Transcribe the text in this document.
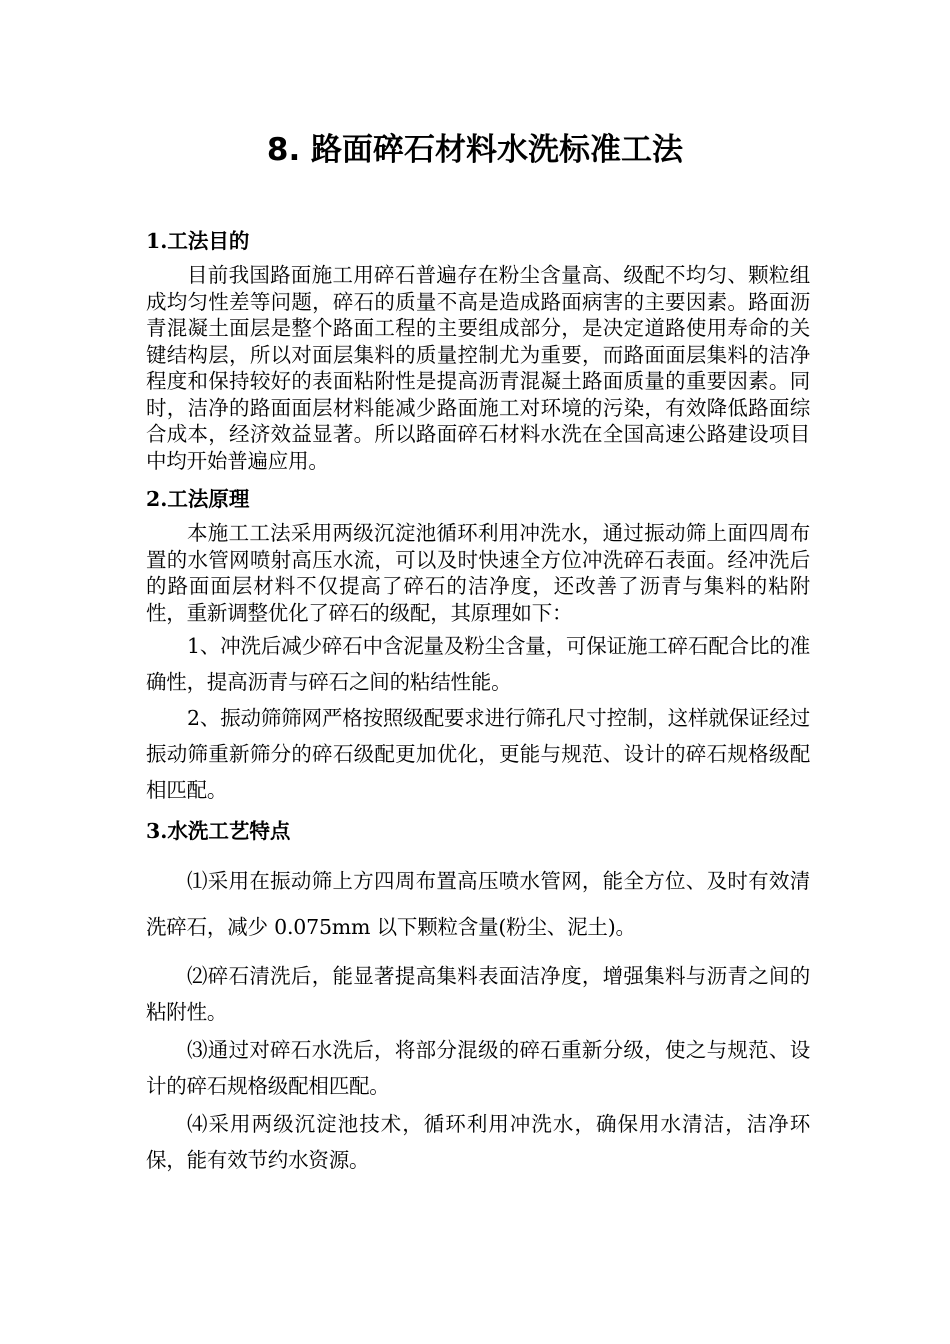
8. 路面碎石材料水洗标准工法

1.工法目的

目前我国路面施工用碎石普遍存在粉尘含量高、级配不均匀、颗粒组成均匀性差等问题，碎石的质量不高是造成路面病害的主要因素。路面沥青混凝土面层是整个路面工程的主要组成部分，是决定道路使用寿命的关键结构层，所以对面层集料的质量控制尤为重要，而路面面层集料的洁净程度和保持较好的表面粘附性是提高沥青混凝土路面质量的重要因素。同时，洁净的路面面层材料能减少路面施工对环境的污染，有效降低路面综合成本，经济效益显著。所以路面碎石材料水洗在全国高速公路建设项目中均开始普遍应用。

2.工法原理

本施工工法采用两级沉淀池循环利用冲洗水，通过振动筛上面四周布置的水管网喷射高压水流，可以及时快速全方位冲洗碎石表面。经冲洗后的路面面层材料不仅提高了碎石的洁净度，还改善了沥青与集料的粘附性，重新调整优化了碎石的级配，其原理如下：

1、冲洗后减少碎石中含泥量及粉尘含量，可保证施工碎石配合比的准确性，提高沥青与碎石之间的粘结性能。

2、振动筛筛网严格按照级配要求进行筛孔尺寸控制，这样就保证经过振动筛重新筛分的碎石级配更加优化，更能与规范、设计的碎石规格级配相匹配。

3.水洗工艺特点

⑴采用在振动筛上方四周布置高压喷水管网，能全方位、及时有效清洗碎石，减少 0.075mm 以下颗粒含量(粉尘、泥土)。

⑵碎石清洗后，能显著提高集料表面洁净度，增强集料与沥青之间的粘附性。

⑶通过对碎石水洗后，将部分混级的碎石重新分级，使之与规范、设计的碎石规格级配相匹配。

⑷采用两级沉淀池技术，循环利用冲洗水，确保用水清洁，洁净环保，能有效节约水资源。
